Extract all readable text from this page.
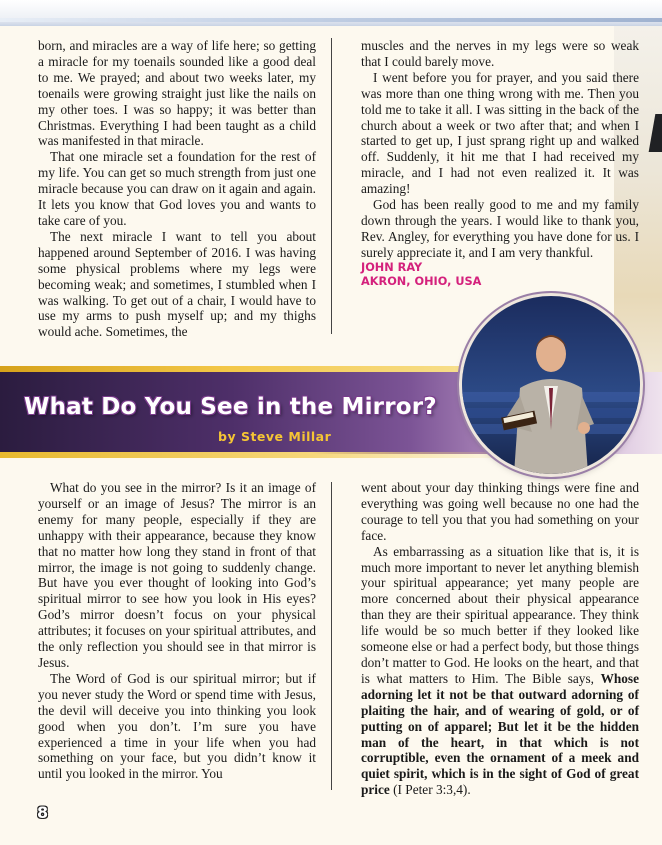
born, and miracles are a way of life here; so getting a miracle for my toenails sounded like a good deal to me. We prayed; and about two weeks later, my toenails were growing straight just like the nails on my other toes. I was so happy; it was better than Christmas. Everything I had been taught as a child was manifested in that miracle.

That one miracle set a foundation for the rest of my life. You can get so much strength from just one miracle because you can draw on it again and again. It lets you know that God loves you and wants to take care of you.

The next miracle I want to tell you about happened around September of 2016. I was having some physical problems where my legs were becoming weak; and sometimes, I stumbled when I was walking. To get out of a chair, I would have to use my arms to push myself up; and my thighs would ache. Sometimes, the

muscles and the nerves in my legs were so weak that I could barely move.

I went before you for prayer, and you said there was more than one thing wrong with me. Then you told me to take it all. I was sitting in the back of the church about a week or two after that; and when I started to get up, I just sprang right up and walked off. Suddenly, it hit me that I had received my miracle, and I had not even realized it. It was amazing!

God has been really good to me and my family down through the years. I would like to thank you, Rev. Angley, for everything you have done for us. I surely appreciate it, and I am very thankful.

JOHN RAY
AKRON, OHIO, USA
What Do You See in the Mirror?
by Steve Millar

What do you see in the mirror? Is it an image of yourself or an image of Jesus? The mirror is an enemy for many people, especially if they are unhappy with their appearance, because they know that no matter how long they stand in front of that mirror, the image is not going to suddenly change. But have you ever thought of looking into God’s spiritual mirror to see how you look in His eyes? God’s mirror doesn’t focus on your physical attributes; it focuses on your spiritual attributes, and the only reflection you should see in that mirror is Jesus.

The Word of God is our spiritual mirror; but if you never study the Word or spend time with Jesus, the devil will deceive you into thinking you look good when you don’t. I’m sure you have experienced a time in your life when you had something on your face, but you didn’t know it until you looked in the mirror. You

went about your day thinking things were fine and everything was going well because no one had the courage to tell you that you had something on your face.

As embarrassing as a situation like that is, it is much more important to never let anything blemish your spiritual appearance; yet many people are more concerned about their physical appearance than they are their spiritual appearance. They think life would be so much better if they looked like someone else or had a perfect body, but those things don’t matter to God. He looks on the heart, and that is what matters to Him. The Bible says, Whose adorning let it not be that outward adorning of plaiting the hair, and of wearing of gold, or of putting on of apparel; But let it be the hidden man of the heart, in that which is not corruptible, even the ornament of a meek and quiet spirit, which is in the sight of God of great price (I Peter 3:3,4).

8
